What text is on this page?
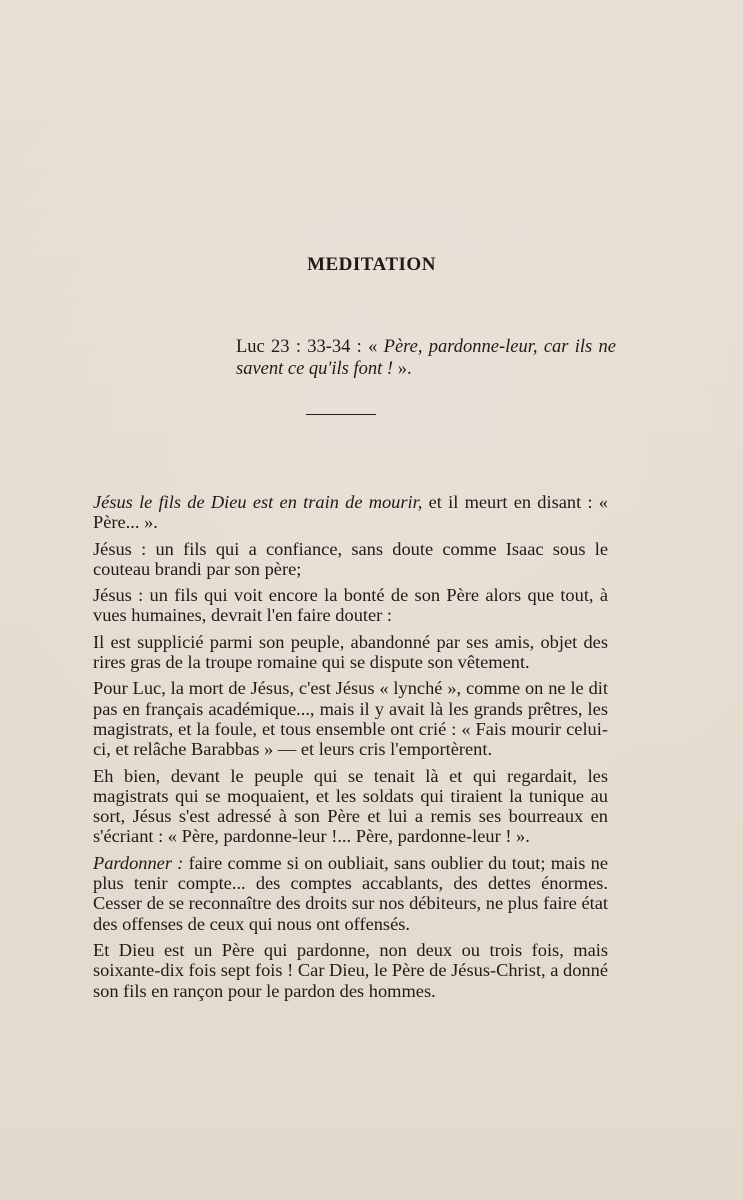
MEDITATION
Luc 23 : 33-34 : « Père, pardonne-leur, car ils ne savent ce qu'ils font ! ».

Jésus le fils de Dieu est en train de mourir, et il meurt en disant : « Père... ».

Jésus : un fils qui a confiance, sans doute comme Isaac sous le couteau brandi par son père;

Jésus : un fils qui voit encore la bonté de son Père alors que tout, à vues humaines, devrait l'en faire douter :

Il est supplicié parmi son peuple, abandonné par ses amis, objet des rires gras de la troupe romaine qui se dispute son vêtement.

Pour Luc, la mort de Jésus, c'est Jésus « lynché », comme on ne le dit pas en français académique..., mais il y avait là les grands prêtres, les magistrats, et la foule, et tous ensemble ont crié : « Fais mourir celui-ci, et relâche Barabbas » — et leurs cris l'emportèrent.

Eh bien, devant le peuple qui se tenait là et qui regardait, les magistrats qui se moquaient, et les soldats qui tiraient la tunique au sort, Jésus s'est adressé à son Père et lui a remis ses bourreaux en s'écriant : « Père, pardonne-leur !... Père, pardonne-leur ! ».

Pardonner : faire comme si on oubliait, sans oublier du tout; mais ne plus tenir compte... des comptes accablants, des dettes énormes. Cesser de se reconnaître des droits sur nos débiteurs, ne plus faire état des offenses de ceux qui nous ont offensés.

Et Dieu est un Père qui pardonne, non deux ou trois fois, mais soixante-dix fois sept fois ! Car Dieu, le Père de Jésus-Christ, a donné son fils en rançon pour le pardon des hommes.
